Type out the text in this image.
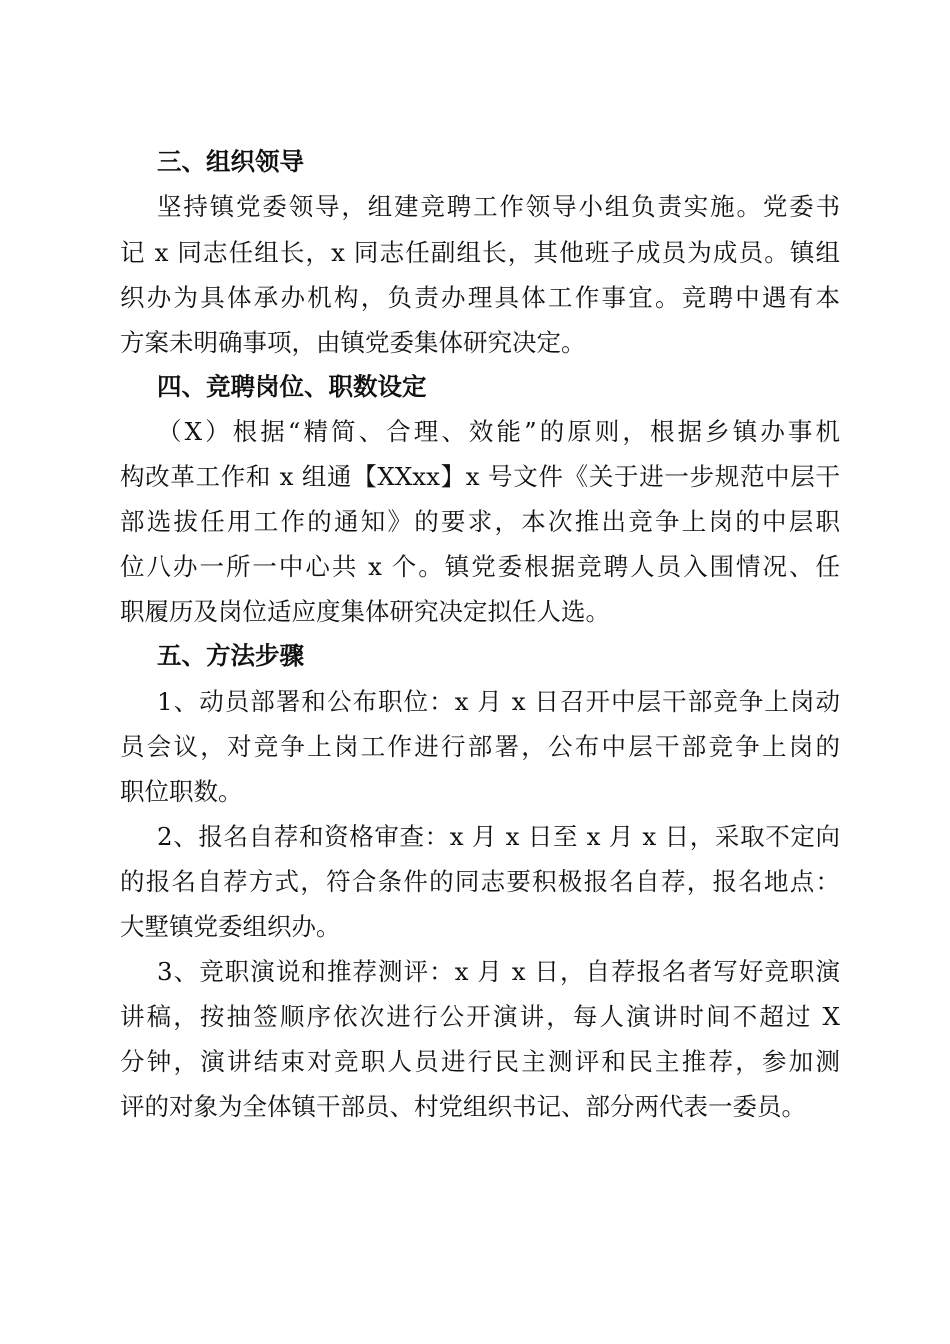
三、组织领导
坚持镇党委领导，组建竞聘工作领导小组负责实施。党委书
记 x 同志任组长，x 同志任副组长，其他班子成员为成员。镇组
织办为具体承办机构，负责办理具体工作事宜。竞聘中遇有本
方案未明确事项，由镇党委集体研究决定。
四、竞聘岗位、职数设定
（X）根据“精简、合理、效能”的原则，根据乡镇办事机
构改革工作和 x 组通【XXxx】x 号文件《关于进一步规范中层干
部选拔任用工作的通知》的要求，本次推出竞争上岗的中层职
位八办一所一中心共 x 个。镇党委根据竞聘人员入围情况、任
职履历及岗位适应度集体研究决定拟任人选。
五、方法步骤
1、动员部署和公布职位：x 月 x 日召开中层干部竞争上岗动
员会议，对竞争上岗工作进行部署，公布中层干部竞争上岗的
职位职数。
2、报名自荐和资格审查：x 月 x 日至 x 月 x 日，采取不定向
的报名自荐方式，符合条件的同志要积极报名自荐，报名地点：
大墅镇党委组织办。
3、竞职演说和推荐测评：x 月 x 日，自荐报名者写好竞职演
讲稿，按抽签顺序依次进行公开演讲，每人演讲时间不超过 X
分钟，演讲结束对竞职人员进行民主测评和民主推荐，参加测
评的对象为全体镇干部员、村党组织书记、部分两代表一委员。
